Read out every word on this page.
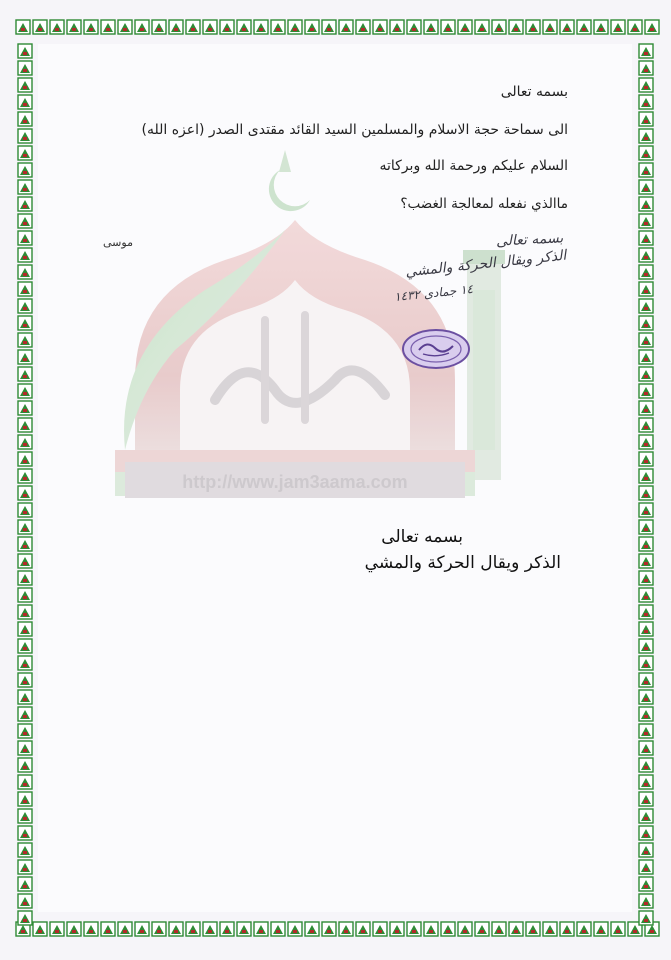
http://www.jam3aama.com
بسمه تعالى
الى سماحة حجة الاسلام والمسلمين السيد القائد مقتدى الصدر (اعزه الله)
السلام عليكم ورحمة الله وبركاته
ماالذي نفعله لمعالجة الغضب؟
موسى	بسمه تعالى
الذكر ويقال الحركة والمشي
١٤ جمادى ١٤٣٢
بسمه تعالى
الذكر ويقال الحركة والمشي
